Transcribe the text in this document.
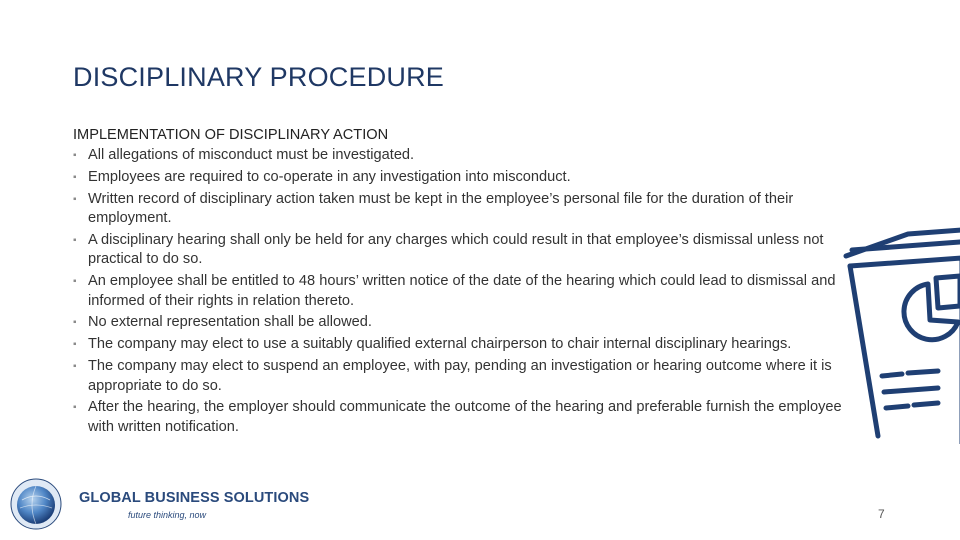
DISCIPLINARY PROCEDURE
IMPLEMENTATION OF DISCIPLINARY ACTION
▪ All allegations of misconduct must be investigated.
▪ Employees are required to co-operate in any investigation into misconduct.
▪ Written record of disciplinary action taken must be kept in the employee’s personal file for the duration of their employment.
▪ A disciplinary hearing shall only be held for any charges which could result in that employee’s dismissal unless not practical to do so.
▪ An employee shall be entitled to 48 hours’ written notice of the date of the hearing which could lead to dismissal and informed of their rights in relation thereto.
▪ No external representation shall be allowed.
▪ The company may elect to use a suitably qualified external chairperson to chair internal disciplinary hearings.
▪ The company may elect to suspend an employee, with pay, pending an investigation or hearing outcome where it is appropriate to do so.
▪ After the hearing, the employer should communicate the outcome of the hearing and preferable furnish the employee with written notification.
GLOBAL BUSINESS SOLUTIONS
future thinking, now	7
